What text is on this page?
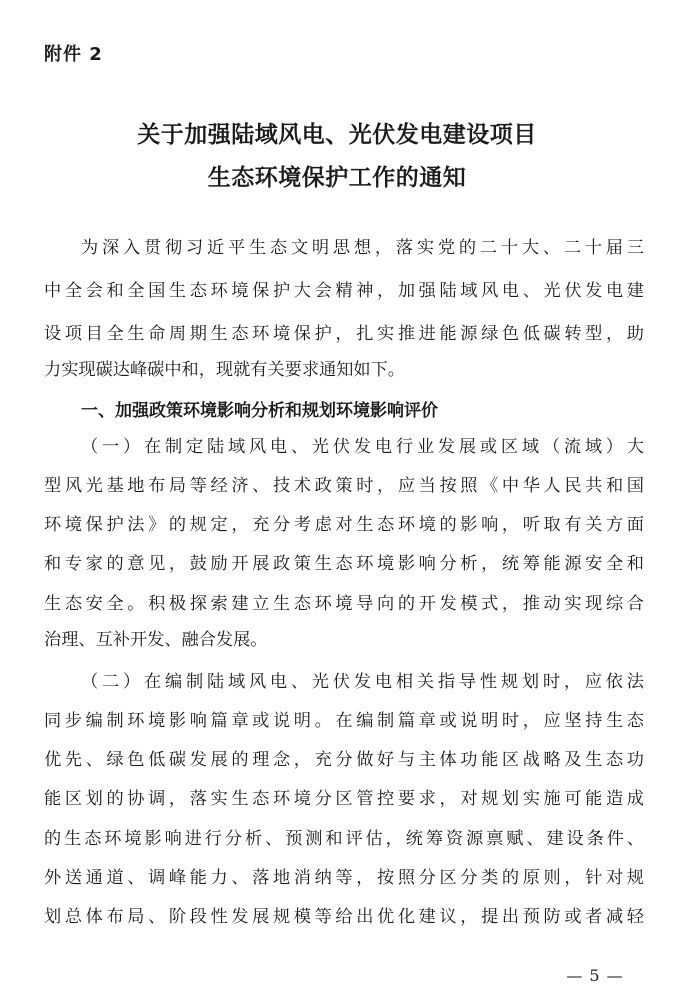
附件 2
关于加强陆域风电、光伏发电建设项目
生态环境保护工作的通知
为深入贯彻习近平生态文明思想，落实党的二十大、二十届三
中全会和全国生态环境保护大会精神，加强陆域风电、光伏发电建
设项目全生命周期生态环境保护，扎实推进能源绿色低碳转型，助
力实现碳达峰碳中和，现就有关要求通知如下。
一、加强政策环境影响分析和规划环境影响评价
（一）在制定陆域风电、光伏发电行业发展或区域（流域）大
型风光基地布局等经济、技术政策时，应当按照《中华人民共和国
环境保护法》的规定，充分考虑对生态环境的影响，听取有关方面
和专家的意见，鼓励开展政策生态环境影响分析，统筹能源安全和
生态安全。积极探索建立生态环境导向的开发模式，推动实现综合
治理、互补开发、融合发展。
（二）在编制陆域风电、光伏发电相关指导性规划时，应依法
同步编制环境影响篇章或说明。在编制篇章或说明时，应坚持生态
优先、绿色低碳发展的理念，充分做好与主体功能区战略及生态功
能区划的协调，落实生态环境分区管控要求，对规划实施可能造成
的生态环境影响进行分析、预测和评估，统筹资源禀赋、建设条件、
外送通道、调峰能力、落地消纳等，按照分区分类的原则，针对规
划总体布局、阶段性发展规模等给出优化建议，提出预防或者减轻
— 5 —
